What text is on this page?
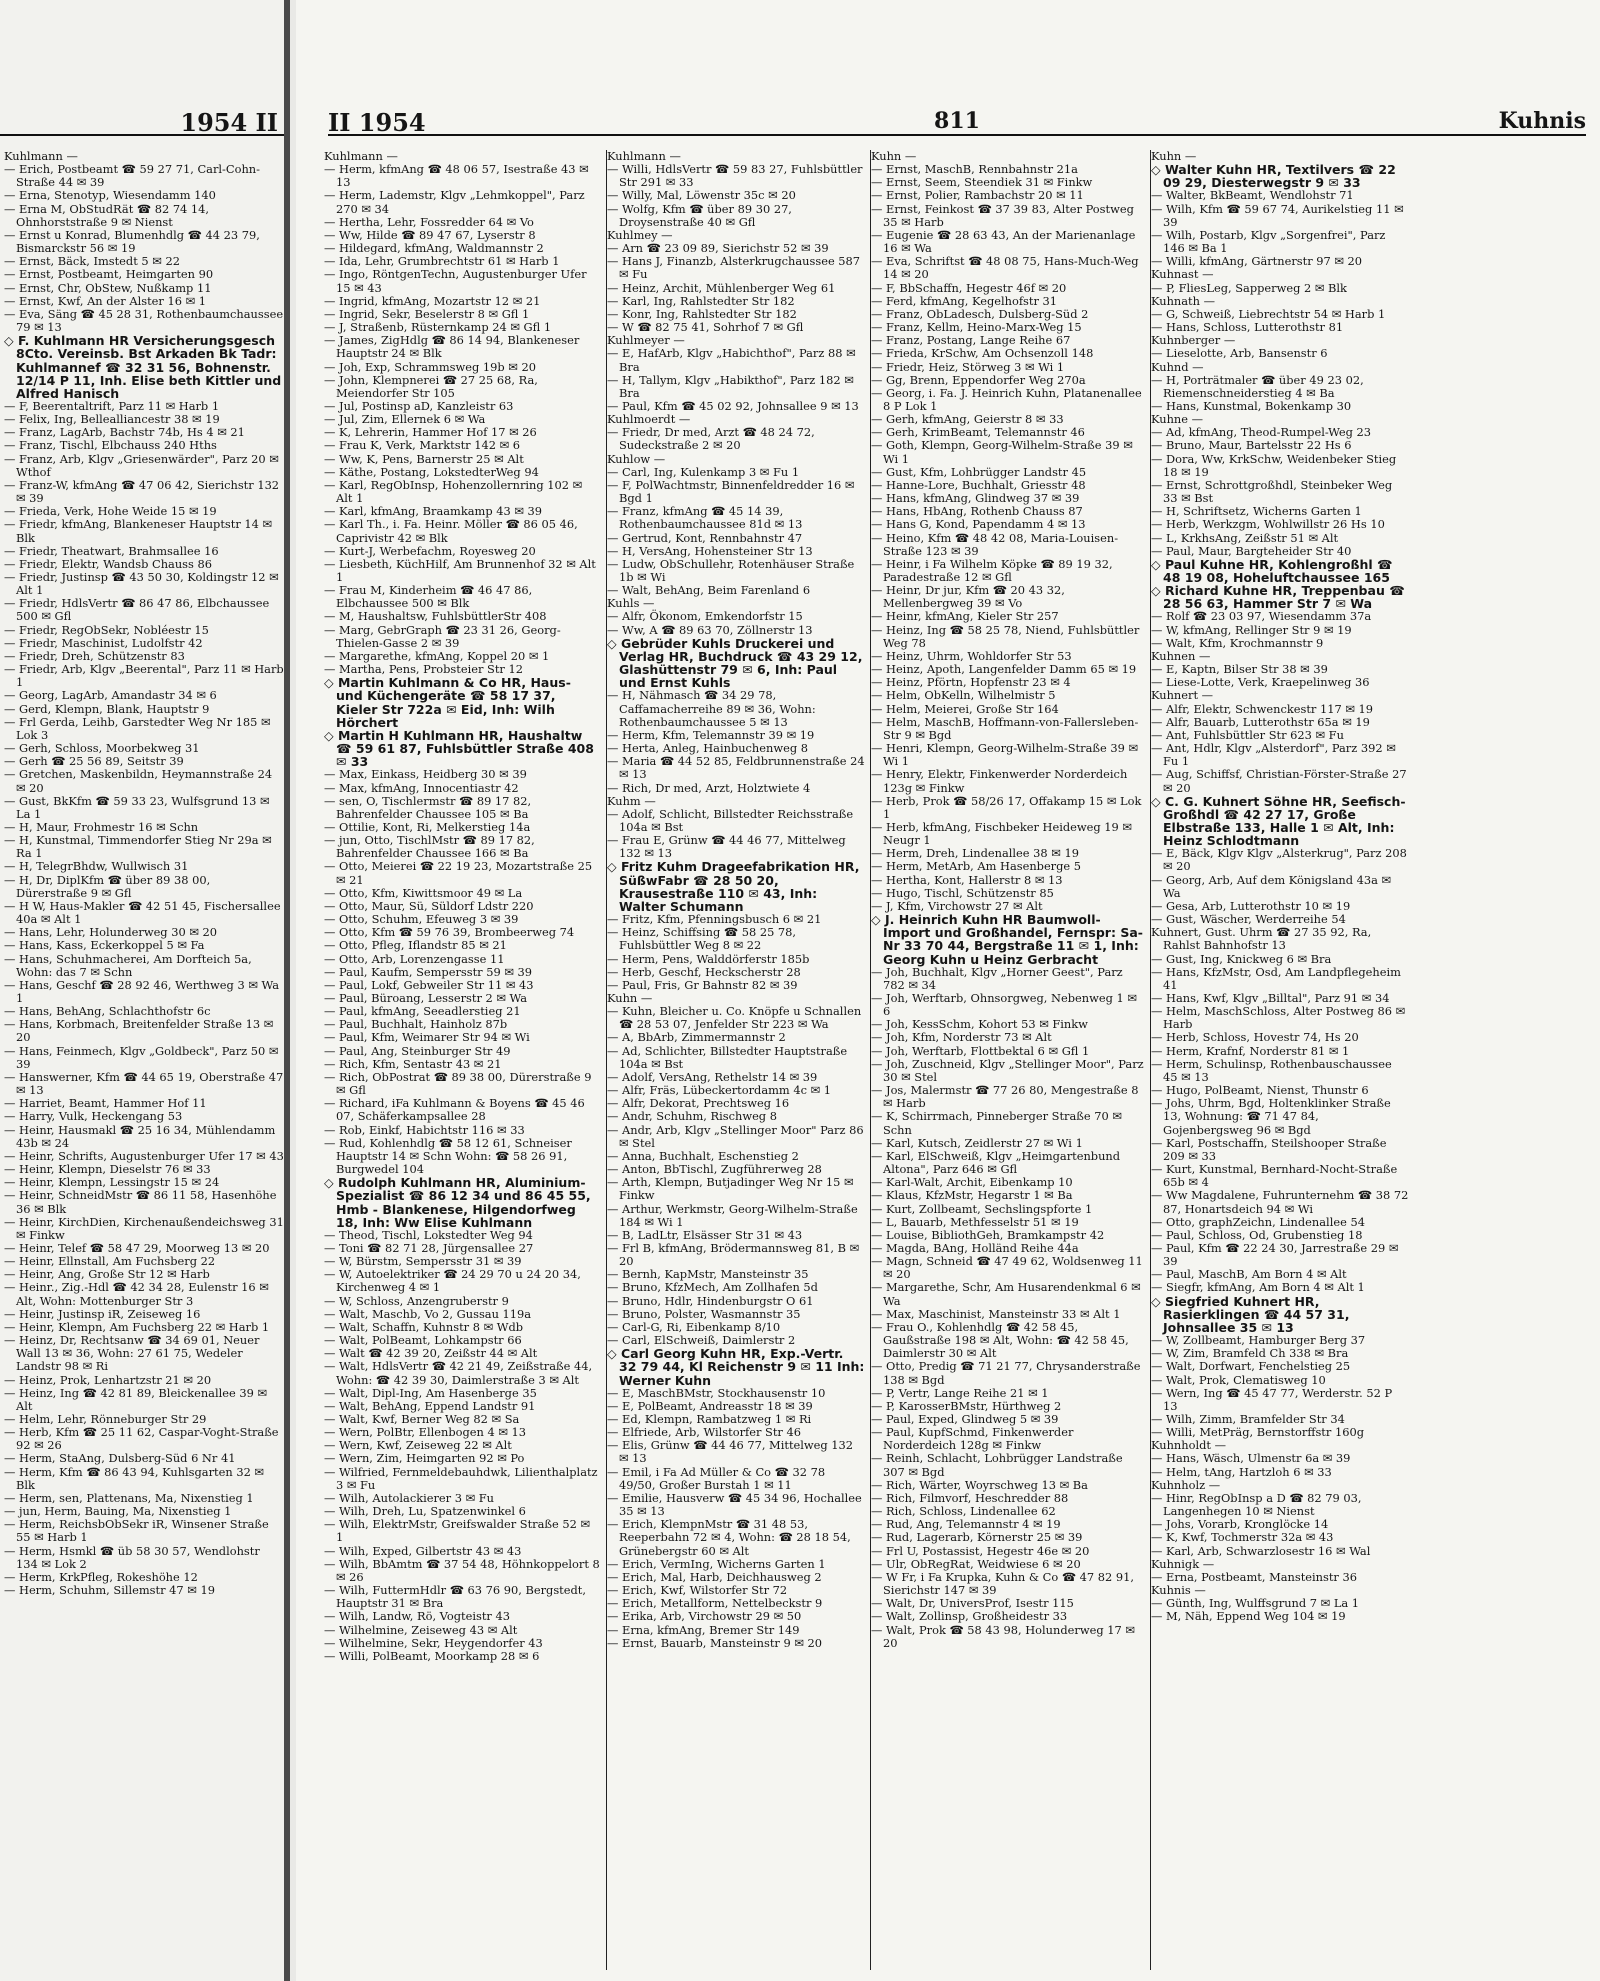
1954 II
Kuhlmann —
— Erich, Postbeamt ☎ 59 27 71, Carl-Cohn-Straße 44 ✉ 39
— Erna, Stenotyp, Wiesendamm 140
— Erna M, ObStudRät ☎ 82 74 14, Ohnhorststraße 9 ✉ Nienst
— Ernst u Konrad, Blumenhdlg ☎ 44 23 79, Bismarckstr 56 ✉ 19
— Ernst, Bäck, Imstedt 5 ✉ 22
— Ernst, Postbeamt, Heimgarten 90
— Ernst, Chr, ObStew, Nußkamp 11
— Ernst, Kwf, An der Alster 16 ✉ 1
— Eva, Säng ☎ 45 28 31, Rothenbaumchaussee 79 ✉ 13
◇ F. Kuhlmann HR Versicherungsgesch 8Cto. Vereinsb. Bst Arkaden Bk Tadr: Kuhlmannef ☎ 32 31 56, Bohnenstr. 12/14 P 11, Inh. Elise beth Kittler und Alfred Hanisch
— F, Beerentaltrift, Parz 11 ✉ Harb 1
— Felix, Ing, Bellealliancestr 38 ✉ 19
— Franz, LagArb, Bachstr 74b, Hs 4 ✉ 21
— Franz, Tischl, Elbchauss 240 Hths
— Franz, Arb, Klgv „Griesenwärder", Parz 20 ✉ Wthof
— Franz-W, kfmAng ☎ 47 06 42, Sierichstr 132 ✉ 39
— Frieda, Verk, Hohe Weide 15 ✉ 19
— Friedr, kfmAng, Blankeneser Hauptstr 14 ✉ Blk
— Friedr, Theatwart, Brahmsallee 16
— Friedr, Elektr, Wandsb Chauss 86
— Friedr, Justinsp ☎ 43 50 30, Koldingstr 12 ✉ Alt 1
— Friedr, HdlsVertr ☎ 86 47 86, Elbchaussee 500 ✉ Gfl
— Friedr, RegObSekr, Nobléestr 15
— Friedr, Maschinist, Ludolfstr 42
— Friedr, Dreh, Schützenstr 83
— Friedr, Arb, Klgv „Beerental", Parz 11 ✉ Harb 1
— Georg, LagArb, Amandastr 34 ✉ 6
— Gerd, Klempn, Blank, Hauptstr 9
— Frl Gerda, Leihb, Garstedter Weg Nr 185 ✉ Lok 3
— Gerh, Schloss, Moorbekweg 31
— Gerh ☎ 25 56 89, Seitstr 39
— Gretchen, Maskenbildn, Heymannstraße 24 ✉ 20
— Gust, BkKfm ☎ 59 33 23, Wulfsgrund 13 ✉ La 1
— H, Maur, Frohmestr 16 ✉ Schn
— H, Kunstmal, Timmendorfer Stieg Nr 29a ✉ Ra 1
— H, TelegrBhdw, Wullwisch 31
— H, Dr, DiplKfm ☎ über 89 38 00, Dürerstraße 9 ✉ Gfl
— H W, Haus-Makler ☎ 42 51 45, Fischersallee 40a ✉ Alt 1
— Hans, Lehr, Holunderweg 30 ✉ 20
— Hans, Kass, Eckerkoppel 5 ✉ Fa
— Hans, Schuhmacherei, Am Dorfteich 5a, Wohn: das 7 ✉ Schn
— Hans, Geschf ☎ 28 92 46, Werthweg 3 ✉ Wa 1
— Hans, BehAng, Schlachthofstr 6c
— Hans, Korbmach, Breitenfelder Straße 13 ✉ 20
— Hans, Feinmech, Klgv „Goldbeck", Parz 50 ✉ 39
— Hanswerner, Kfm ☎ 44 65 19, Oberstraße 47 ✉ 13
— Harriet, Beamt, Hammer Hof 11
— Harry, Vulk, Heckengang 53
— Heinr, Hausmakl ☎ 25 16 34, Mühlendamm 43b ✉ 24
— Heinr, Schrifts, Augustenburger Ufer 17 ✉ 43
— Heinr, Klempn, Dieselstr 76 ✉ 33
— Heinr, Klempn, Lessingstr 15 ✉ 24
— Heinr, SchneidMstr ☎ 86 11 58, Hasenhöhe 36 ✉ Blk
— Heinr, KirchDien, Kirchenaußendeichsweg 31 ✉ Finkw
— Heinr, Telef ☎ 58 47 29, Moorweg 13 ✉ 20
— Heinr, Ellnstall, Am Fuchsberg 22
— Heinr, Ang, Große Str 12 ✉ Harb
— Heinr., Zig.-Hdl ☎ 42 34 28, Eulenstr 16 ✉ Alt, Wohn: Mottenburger Str 3
— Heinr, Justinsp iR, Zeiseweg 16
— Heinr, Klempn, Am Fuchsberg 22 ✉ Harb 1
— Heinz, Dr, Rechtsanw ☎ 34 69 01, Neuer Wall 13 ✉ 36, Wohn: 27 61 75, Wedeler Landstr 98 ✉ Ri
— Heinz, Prok, Lenhartzstr 21 ✉ 20
— Heinz, Ing ☎ 42 81 89, Bleickenallee 39 ✉ Alt
— Helm, Lehr, Rönneburger Str 29
— Herb, Kfm ☎ 25 11 62, Caspar-Voght-Straße 92 ✉ 26
— Herm, StaAng, Dulsberg-Süd 6 Nr 41
— Herm, Kfm ☎ 86 43 94, Kuhlsgarten 32 ✉ Blk
— Herm, sen, Plattenans, Ma, Nixenstieg 1
— jun, Herm, Bauing, Ma, Nixenstieg 1
— Herm, ReichsbObSekr iR, Winsener Straße 55 ✉ Harb 1
— Herm, Hsmkl ☎ üb 58 30 57, Wendlohstr 134 ✉ Lok 2
— Herm, KrkPfleg, Rokeshöhe 12
— Herm, Schuhm, Sillemstr 47 ✉ 19
II 1954	811	Kuhnis
Kuhlmann —
— Herm, kfmAng ☎ 48 06 57, Isestraße 43 ✉ 13
— Herm, Lademstr, Klgv „Lehmkoppel", Parz 270 ✉ 34
— Hertha, Lehr, Fossredder 64 ✉ Vo
— Ww, Hilde ☎ 89 47 67, Lyserstr 8
— Hildegard, kfmAng, Waldmannstr 2
— Ida, Lehr, Grumbrechtstr 61 ✉ Harb 1
— Ingo, RöntgenTechn, Augustenburger Ufer 15 ✉ 43
— Ingrid, kfmAng, Mozartstr 12 ✉ 21
— Ingrid, Sekr, Beselerstr 8 ✉ Gfl 1
— J, Straßenb, Rüsternkamp 24 ✉ Gfl 1
— James, ZigHdlg ☎ 86 14 94, Blankeneser Hauptstr 24 ✉ Blk
— Joh, Exp, Schrammsweg 19b ✉ 20
— John, Klempnerei ☎ 27 25 68, Ra, Meiendorfer Str 105
— Jul, Postinsp aD, Kanzleistr 63
— Jul, Zim, Ellernek 6 ✉ Wa
— K, Lehrerin, Hammer Hof 17 ✉ 26
— Frau K, Verk, Marktstr 142 ✉ 6
— Ww, K, Pens, Barnerstr 25 ✉ Alt
— Käthe, Postang, LokstedterWeg 94
— Karl, RegObInsp, Hohenzollernring 102 ✉ Alt 1
— Karl, kfmAng, Braamkamp 43 ✉ 39
— Karl Th., i. Fa. Heinr. Möller ☎ 86 05 46, Caprivistr 42 ✉ Blk
— Kurt-J, Werbefachm, Royesweg 20
— Liesbeth, KüchHilf, Am Brunnenhof 32 ✉ Alt 1
— Frau M, Kinderheim ☎ 46 47 86, Elbchaussee 500 ✉ Blk
— M, Haushaltsw, FuhlsbüttlerStr 408
— Marg, GebrGraph ☎ 23 31 26, Georg-Thielen-Gasse 2 ✉ 39
— Margarethe, kfmAng, Koppel 20 ✉ 1
— Martha, Pens, Probsteier Str 12
◇ Martin Kuhlmann & Co HR, Haus- und Küchengeräte ☎ 58 17 37, Kieler Str 722a ✉ Eid, Inh: Wilh Hörchert
◇ Martin H Kuhlmann HR, Haushaltw ☎ 59 61 87, Fuhlsbüttler Straße 408 ✉ 33
— Max, Einkass, Heidberg 30 ✉ 39
— Max, kfmAng, Innocentiastr 42
— sen, O, Tischlermstr ☎ 89 17 82, Bahrenfelder Chaussee 105 ✉ Ba
— Ottilie, Kont, Ri, Melkerstieg 14a
— jun, Otto, TischlMstr ☎ 89 17 82, Bahrenfelder Chaussee 166 ✉ Ba
— Otto, Meierei ☎ 22 19 23, Mozartstraße 25 ✉ 21
— Otto, Kfm, Kiwittsmoor 49 ✉ La
— Otto, Maur, Sü, Süldorf Ldstr 220
— Otto, Schuhm, Efeuweg 3 ✉ 39
— Otto, Kfm ☎ 59 76 39, Brombeerweg 74
— Otto, Pfleg, Iflandstr 85 ✉ 21
— Otto, Arb, Lorenzengasse 11
— Paul, Kaufm, Sempersstr 59 ✉ 39
— Paul, Lokf, Gebweiler Str 11 ✉ 43
— Paul, Büroang, Lesserstr 2 ✉ Wa
— Paul, kfmAng, Seeadlerstieg 21
— Paul, Buchhalt, Hainholz 87b
— Paul, Kfm, Weimarer Str 94 ✉ Wi
— Paul, Ang, Steinburger Str 49
— Rich, Kfm, Sentastr 43 ✉ 21
— Rich, ObPostrat ☎ 89 38 00, Dürerstraße 9 ✉ Gfl
— Richard, iFa Kuhlmann & Boyens ☎ 45 46 07, Schäferkampsallee 28
— Rob, Einkf, Habichtstr 116 ✉ 33
— Rud, Kohlenhdlg ☎ 58 12 61, Schneiser Hauptstr 14 ✉ Schn Wohn: ☎ 58 26 91, Burgwedel 104
◇ Rudolph Kuhlmann HR, Aluminium-Spezialist ☎ 86 12 34 und 86 45 55, Hmb - Blankenese, Hilgendorfweg 18, Inh: Ww Elise Kuhlmann
— Theod, Tischl, Lokstedter Weg 94
— Toni ☎ 82 71 28, Jürgensallee 27
— W, Bürstm, Sempersstr 31 ✉ 39
— W, Autoelektriker ☎ 24 29 70 u 24 20 34, Kirchenweg 4 ✉ 1
— W, Schloss, Anzengruberstr 9
— Walt, Maschb, Vo 2, Gussau 119a
— Walt, Schaffn, Kuhnstr 8 ✉ Wdb
— Walt, PolBeamt, Lohkampstr 66
— Walt ☎ 42 39 20, Zeißstr 44 ✉ Alt
— Walt, HdlsVertr ☎ 42 21 49, Zeißstraße 44, Wohn: ☎ 42 39 30, Daimlerstraße 3 ✉ Alt
— Walt, Dipl-Ing, Am Hasenberge 35
— Walt, BehAng, Eppend Landstr 91
— Walt, Kwf, Berner Weg 82 ✉ Sa
— Wern, PolBtr, Ellenbogen 4 ✉ 13
— Wern, Kwf, Zeiseweg 22 ✉ Alt
— Wern, Zim, Heimgarten 92 ✉ Po
— Wilfried, Fernmeldebauhdwk, Lilienthalplatz 3 ✉ Fu
— Wilh, Autolackierer 3 ✉ Fu
— Wilh, Dreh, Lu, Spatzenwinkel 6
— Wilh, ElektrMstr, Greifswalder Straße 52 ✉ 1
— Wilh, Exped, Gilbertstr 43 ✉ 43
— Wilh, BbAmtm ☎ 37 54 48, Höhnkoppelort 8 ✉ 26
— Wilh, FuttermHdlr ☎ 63 76 90, Bergstedt, Hauptstr 31 ✉ Bra
— Wilh, Landw, Rö, Vogteistr 43
— Wilhelmine, Zeiseweg 43 ✉ Alt
— Wilhelmine, Sekr, Heygendorfer 43
— Willi, PolBeamt, Moorkamp 28 ✉ 6
Kuhlmann —
— Willi, HdlsVertr ☎ 59 83 27, Fuhlsbüttler Str 291 ✉ 33
— Willy, Mal, Löwenstr 35c ✉ 20
— Wolfg, Kfm ☎ über 89 30 27, Droysenstraße 40 ✉ Gfl
Kuhlmey —
— Arn ☎ 23 09 89, Sierichstr 52 ✉ 39
— Hans J, Finanzb, Alsterkrugchaussee 587 ✉ Fu
— Heinz, Archit, Mühlenberger Weg 61
— Karl, Ing, Rahlstedter Str 182
— Konr, Ing, Rahlstedter Str 182
— W ☎ 82 75 41, Sohrhof 7 ✉ Gfl
Kuhlmeyer —
— E, HafArb, Klgv „Habichthof", Parz 88 ✉ Bra
— H, Tallym, Klgv „Habikthof", Parz 182 ✉ Bra
— Paul, Kfm ☎ 45 02 92, Johnsallee 9 ✉ 13
Kuhlmoerdt —
— Friedr, Dr med, Arzt ☎ 48 24 72, Sudeckstraße 2 ✉ 20
Kuhlow —
— Carl, Ing, Kulenkamp 3 ✉ Fu 1
— F, PolWachtmstr, Binnenfeldredder 16 ✉ Bgd 1
— Franz, kfmAng ☎ 45 14 39, Rothenbaumchaussee 81d ✉ 13
— Gertrud, Kont, Rennbahnstr 47
— H, VersAng, Hohensteiner Str 13
— Ludw, ObSchullehr, Rotenhäuser Straße 1b ✉ Wi
— Walt, BehAng, Beim Farenland 6
Kuhls —
— Alfr, Ökonom, Emkendorfstr 15
— Ww, A ☎ 89 63 70, Zöllnerstr 13
◇ Gebrüder Kuhls Druckerei und Verlag HR, Buchdruck ☎ 43 29 12, Glashüttenstr 79 ✉ 6, Inh: Paul und Ernst Kuhls
— H, Nähmasch ☎ 34 29 78, Caffamacherreihe 89 ✉ 36, Wohn: Rothenbaumchaussee 5 ✉ 13
— Herm, Kfm, Telemannstr 39 ✉ 19
— Herta, Anleg, Hainbuchenweg 8
— Maria ☎ 44 52 85, Feldbrunnenstraße 24 ✉ 13
— Rich, Dr med, Arzt, Holztwiete 4
Kuhm —
— Adolf, Schlicht, Billstedter Reichsstraße 104a ✉ Bst
— Frau E, Grünw ☎ 44 46 77, Mittelweg 132 ✉ 13
◇ Fritz Kuhm Drageefabrikation HR, SüßwFabr ☎ 28 50 20, Krausestraße 110 ✉ 43, Inh: Walter Schumann
— Fritz, Kfm, Pfenningsbusch 6 ✉ 21
— Heinz, Schiffsing ☎ 58 25 78, Fuhlsbüttler Weg 8 ✉ 22
— Herm, Pens, Walddörferstr 185b
— Herb, Geschf, Heckscherstr 28
— Paul, Fris, Gr Bahnstr 82 ✉ 39
Kuhn —
— Kuhn, Bleicher u. Co. Knöpfe u Schnallen ☎ 28 53 07, Jenfelder Str 223 ✉ Wa
— A, BbArb, Zimmermannstr 2
— Ad, Schlichter, Billstedter Hauptstraße 104a ✉ Bst
— Adolf, VersAng, Rethelstr 14 ✉ 39
— Alfr, Fräs, Lübeckertordamm 4c ✉ 1
— Alfr, Dekorat, Prechtsweg 16
— Andr, Schuhm, Rischweg 8
— Andr, Arb, Klgv „Stellinger Moor" Parz 86 ✉ Stel
— Anna, Buchhalt, Eschenstieg 2
— Anton, BbTischl, Zugführerweg 28
— Arth, Klempn, Butjadinger Weg Nr 15 ✉ Finkw
— Arthur, Werkmstr, Georg-Wilhelm-Straße 184 ✉ Wi 1
— B, LadLtr, Elsässer Str 31 ✉ 43
— Frl B, kfmAng, Brödermannsweg 81, B ✉ 20
— Bernh, KapMstr, Mansteinstr 35
— Bruno, KfzMech, Am Zollhafen 5d
— Bruno, Hdlr, Hindenburgstr O 61
— Bruno, Polster, Wasmannstr 35
— Carl-G, Ri, Eibenkamp 8/10
— Carl, ElSchweiß, Daimlerstr 2
◇ Carl Georg Kuhn HR, Exp.-Vertr. 32 79 44, Kl Reichenstr 9 ✉ 11 Inh: Werner Kuhn
— E, MaschBMstr, Stockhausenstr 10
— E, PolBeamt, Andreasstr 18 ✉ 39
— Ed, Klempn, Rambatzweg 1 ✉ Ri
— Elfriede, Arb, Wilstorfer Str 46
— Elis, Grünw ☎ 44 46 77, Mittelweg 132 ✉ 13
— Emil, i Fa Ad Müller & Co ☎ 32 78 49/50, Großer Burstah 1 ✉ 11
— Emilie, Hausverw ☎ 45 34 96, Hochallee 35 ✉ 13
— Erich, KlempnMstr ☎ 31 48 53, Reeperbahn 72 ✉ 4, Wohn: ☎ 28 18 54, Grünebergstr 60 ✉ Alt
— Erich, VermIng, Wicherns Garten 1
— Erich, Mal, Harb, Deichhausweg 2
— Erich, Kwf, Wilstorfer Str 72
— Erich, Metallform, Nettelbeckstr 9
— Erika, Arb, Virchowstr 29 ✉ 50
— Erna, kfmAng, Bremer Str 149
— Ernst, Bauarb, Mansteinstr 9 ✉ 20
Kuhn —
— Ernst, MaschB, Rennbahnstr 21a
— Ernst, Seem, Steendiek 31 ✉ Finkw
— Ernst, Polier, Rambachstr 20 ✉ 11
— Ernst, Feinkost ☎ 37 39 83, Alter Postweg 35 ✉ Harb
— Eugenie ☎ 28 63 43, An der Marienanlage 16 ✉ Wa
— Eva, Schriftst ☎ 48 08 75, Hans-Much-Weg 14 ✉ 20
— F, BbSchaffn, Hegestr 46f ✉ 20
— Ferd, kfmAng, Kegelhofstr 31
— Franz, ObLadesch, Dulsberg-Süd 2
— Franz, Kellm, Heino-Marx-Weg 15
— Franz, Postang, Lange Reihe 67
— Frieda, KrSchw, Am Ochsenzoll 148
— Friedr, Heiz, Störweg 3 ✉ Wi 1
— Gg, Brenn, Eppendorfer Weg 270a
— Georg, i. Fa. J. Heinrich Kuhn, Platanenallee 8 P Lok 1
— Gerh, kfmAng, Geierstr 8 ✉ 33
— Gerh, KrimBeamt, Telemannstr 46
— Goth, Klempn, Georg-Wilhelm-Straße 39 ✉ Wi 1
— Gust, Kfm, Lohbrügger Landstr 45
— Hanne-Lore, Buchhalt, Griesstr 48
— Hans, kfmAng, Glindweg 37 ✉ 39
— Hans, HbAng, Rothenb Chauss 87
— Hans G, Kond, Papendamm 4 ✉ 13
— Heino, Kfm ☎ 48 42 08, Maria-Louisen-Straße 123 ✉ 39
— Heinr, i Fa Wilhelm Köpke ☎ 89 19 32, Paradestraße 12 ✉ Gfl
— Heinr, Dr jur, Kfm ☎ 20 43 32, Mellenbergweg 39 ✉ Vo
— Heinr, kfmAng, Kieler Str 257
— Heinz, Ing ☎ 58 25 78, Niend, Fuhlsbüttler Weg 78
— Heinz, Uhrm, Wohldorfer Str 53
— Heinz, Apoth, Langenfelder Damm 65 ✉ 19
— Heinz, Pförtn, Hopfenstr 23 ✉ 4
— Helm, ObKelln, Wilhelmistr 5
— Helm, Meierei, Große Str 164
— Helm, MaschB, Hoffmann-von-Fallersleben-Str 9 ✉ Bgd
— Henri, Klempn, Georg-Wilhelm-Straße 39 ✉ Wi 1
— Henry, Elektr, Finkenwerder Norderdeich 123g ✉ Finkw
— Herb, Prok ☎ 58/26 17, Offakamp 15 ✉ Lok 1
— Herb, kfmAng, Fischbeker Heideweg 19 ✉ Neugr 1
— Herm, Dreh, Lindenallee 38 ✉ 19
— Herm, MetArb, Am Hasenberge 5
— Hertha, Kont, Hallerstr 8 ✉ 13
— Hugo, Tischl, Schützenstr 85
— J, Kfm, Virchowstr 27 ✉ Alt
◇ J. Heinrich Kuhn HR Baumwoll-Import und Großhandel, Fernspr: Sa-Nr 33 70 44, Bergstraße 11 ✉ 1, Inh: Georg Kuhn u Heinz Gerbracht
— Joh, Buchhalt, Klgv „Horner Geest", Parz 782 ✉ 34
— Joh, Werftarb, Ohnsorgweg, Nebenweg 1 ✉ 6
— Joh, KessSchm, Kohort 53 ✉ Finkw
— Joh, Kfm, Norderstr 73 ✉ Alt
— Joh, Werftarb, Flottbektal 6 ✉ Gfl 1
— Joh, Zuschneid, Klgv „Stellinger Moor", Parz 30 ✉ Stel
— Jos, Malermstr ☎ 77 26 80, Mengestraße 8 ✉ Harb
— K, Schirrmach, Pinneberger Straße 70 ✉ Schn
— Karl, Kutsch, Zeidlerstr 27 ✉ Wi 1
— Karl, ElSchweiß, Klgv „Heimgartenbund Altona", Parz 646 ✉ Gfl
— Karl-Walt, Archit, Eibenkamp 10
— Klaus, KfzMstr, Hegarstr 1 ✉ Ba
— Kurt, Zollbeamt, Sechslingspforte 1
— L, Bauarb, Methfesselstr 51 ✉ 19
— Louise, BibliothGeh, Bramkampstr 42
— Magda, BAng, Holländ Reihe 44a
— Magn, Schneid ☎ 47 49 62, Woldsenweg 11 ✉ 20
— Margarethe, Schr, Am Husarendenkmal 6 ✉ Wa
— Max, Maschinist, Mansteinstr 33 ✉ Alt 1
— Frau O., Kohlenhdlg ☎ 42 58 45, Gaußstraße 198 ✉ Alt, Wohn: ☎ 42 58 45, Daimlerstr 30 ✉ Alt
— Otto, Predig ☎ 71 21 77, Chrysanderstraße 138 ✉ Bgd
— P, Vertr, Lange Reihe 21 ✉ 1
— P, KarosserBMstr, Hürthweg 2
— Paul, Exped, Glindweg 5 ✉ 39
— Paul, KupfSchmd, Finkenwerder Norderdeich 128g ✉ Finkw
— Reinh, Schlacht, Lohbrügger Landstraße 307 ✉ Bgd
— Rich, Wärter, Woyrschweg 13 ✉ Ba
— Rich, Filmvorf, Heschredder 88
— Rich, Schloss, Lindenallee 62
— Rud, Ang, Telemannstr 4 ✉ 19
— Rud, Lagerarb, Körnerstr 25 ✉ 39
— Frl U, Postassist, Hegestr 46e ✉ 20
— Ulr, ObRegRat, Weidwiese 6 ✉ 20
— W Fr, i Fa Krupka, Kuhn & Co ☎ 47 82 91, Sierichstr 147 ✉ 39
— Walt, Dr, UniversProf, Isestr 115
— Walt, Zollinsp, Großheidestr 33
— Walt, Prok ☎ 58 43 98, Holunderweg 17 ✉ 20
Kuhn —
◇ Walter Kuhn HR, Textilvers ☎ 22 09 29, Diesterwegstr 9 ✉ 33
— Walter, BkBeamt, Wendlohstr 71
— Wilh, Kfm ☎ 59 67 74, Aurikelstieg 11 ✉ 39
— Wilh, Postarb, Klgv „Sorgenfrei", Parz 146 ✉ Ba 1
— Willi, kfmAng, Gärtnerstr 97 ✉ 20
Kuhnast —
— P, FliesLeg, Sapperweg 2 ✉ Blk
Kuhnath —
— G, Schweiß, Liebrechtstr 54 ✉ Harb 1
— Hans, Schloss, Lutterothstr 81
Kuhnberger —
— Lieselotte, Arb, Bansenstr 6
Kuhnd —
— H, Porträtmaler ☎ über 49 23 02, Riemenschneiderstieg 4 ✉ Ba
— Hans, Kunstmal, Bokenkamp 30
Kuhne —
— Ad, kfmAng, Theod-Rumpel-Weg 23
— Bruno, Maur, Bartelsstr 22 Hs 6
— Dora, Ww, KrkSchw, Weidenbeker Stieg 18 ✉ 19
— Ernst, Schrottgroßhdl, Steinbeker Weg 33 ✉ Bst
— H, Schriftsetz, Wicherns Garten 1
— Herb, Werkzgm, Wohlwillstr 26 Hs 10
— L, KrkhsAng, Zeißstr 51 ✉ Alt
— Paul, Maur, Bargteheider Str 40
◇ Paul Kuhne HR, Kohlengroßhl ☎ 48 19 08, Hoheluftchaussee 165
◇ Richard Kuhne HR, Treppenbau ☎ 28 56 63, Hammer Str 7 ✉ Wa
— Rolf ☎ 23 03 97, Wiesendamm 37a
— W, kfmAng, Rellinger Str 9 ✉ 19
— Walt, Kfm, Krochmannstr 9
Kuhnen —
— E, Kaptn, Bilser Str 38 ✉ 39
— Liese-Lotte, Verk, Kraepelinweg 36
Kuhnert —
— Alfr, Elektr, Schwenckestr 117 ✉ 19
— Alfr, Bauarb, Lutterothstr 65a ✉ 19
— Ant, Fuhlsbüttler Str 623 ✉ Fu
— Ant, Hdlr, Klgv „Alsterdorf", Parz 392 ✉ Fu 1
— Aug, Schiffsf, Christian-Förster-Straße 27 ✉ 20
◇ C. G. Kuhnert Söhne HR, Seefisch-Großhdl ☎ 42 27 17, Große Elbstraße 133, Halle 1 ✉ Alt, Inh: Heinz Schlodtmann
— E, Bäck, Klgv Klgv „Alsterkrug", Parz 208 ✉ 20
— Georg, Arb, Auf dem Königsland 43a ✉ Wa
— Gesa, Arb, Lutterothstr 10 ✉ 19
— Gust, Wäscher, Werderreihe 54
Kuhnert, Gust. Uhrm ☎ 27 35 92, Ra, Rahlst Bahnhofstr 13
— Gust, Ing, Knickweg 6 ✉ Bra
— Hans, KfzMstr, Osd, Am Landpflegeheim 41
— Hans, Kwf, Klgv „Billtal", Parz 91 ✉ 34
— Helm, MaschSchloss, Alter Postweg 86 ✉ Harb
— Herb, Schloss, Hovestr 74, Hs 20
— Herm, Krafnf, Norderstr 81 ✉ 1
— Herm, Schulinsp, Rothenbauschaussee 45 ✉ 13
— Hugo, PolBeamt, Nienst, Thunstr 6
— Johs, Uhrm, Bgd, Holtenklinker Straße 13, Wohnung: ☎ 71 47 84, Gojenbergsweg 96 ✉ Bgd
— Karl, Postschaffn, Steilshooper Straße 209 ✉ 33
— Kurt, Kunstmal, Bernhard-Nocht-Straße 65b ✉ 4
— Ww Magdalene, Fuhrunternehm ☎ 38 72 87, Honartsdeich 94 ✉ Wi
— Otto, graphZeichn, Lindenallee 54
— Paul, Schloss, Od, Grubenstieg 18
— Paul, Kfm ☎ 22 24 30, Jarrestraße 29 ✉ 39
— Paul, MaschB, Am Born 4 ✉ Alt
— Siegfr, kfmAng, Am Born 4 ✉ Alt 1
◇ Siegfried Kuhnert HR, Rasierklingen ☎ 44 57 31, Johnsallee 35 ✉ 13
— W, Zollbeamt, Hamburger Berg 37
— W, Zim, Bramfeld Ch 338 ✉ Bra
— Walt, Dorfwart, Fenchelstieg 25
— Walt, Prok, Clematisweg 10
— Wern, Ing ☎ 45 47 77, Werderstr. 52 P 13
— Wilh, Zimm, Bramfelder Str 34
— Willi, MetPräg, Bernstorffstr 160g
Kuhnholdt —
— Hans, Wäsch, Ulmenstr 6a ✉ 39
— Helm, tAng, Hartzloh 6 ✉ 33
Kuhnholz —
— Hinr, RegObInsp a D ☎ 82 79 03, Langenhegen 10 ✉ Nienst
— Johs, Vorarb, Kronglöcke 14
— K, Kwf, Tochmerstr 32a ✉ 43
— Karl, Arb, Schwarzlosestr 16 ✉ Wal
Kuhnigk —
— Erna, Postbeamt, Mansteinstr 36
Kuhnis —
— Günth, Ing, Wulffsgrund 7 ✉ La 1
— M, Näh, Eppend Weg 104 ✉ 19
